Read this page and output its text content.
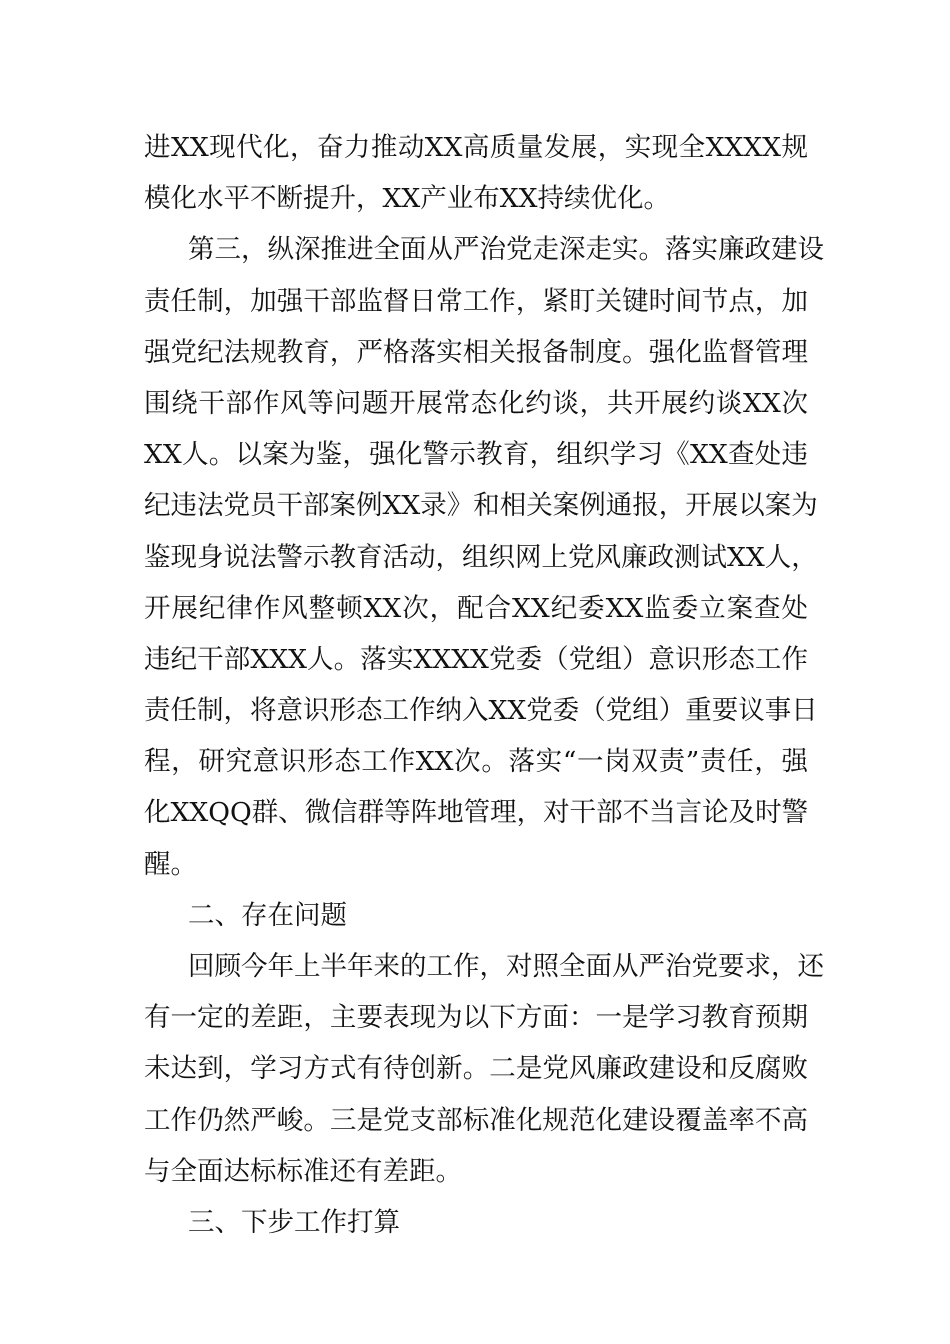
进XX现代化，奋力推动XX高质量发展，实现全XXXX规
模化水平不断提升，XX产业布XX持续优化。
第三，纵深推进全面从严治党走深走实。落实廉政建设
责任制，加强干部监督日常工作，紧盯关键时间节点，加
强党纪法规教育，严格落实相关报备制度。强化监督管理
围绕干部作风等问题开展常态化约谈，共开展约谈XX次
XX人。以案为鉴，强化警示教育，组织学习《XX查处违
纪违法党员干部案例XX录》和相关案例通报，开展以案为
鉴现身说法警示教育活动，组织网上党风廉政测试XX人，
开展纪律作风整顿XX次，配合XX纪委XX监委立案查处
违纪干部XXX人。落实XXXX党委（党组）意识形态工作
责任制，将意识形态工作纳入XX党委（党组）重要议事日
程，研究意识形态工作XX次。落实“一岗双责”责任，强
化XXQQ群、微信群等阵地管理，对干部不当言论及时警
醒。
二、存在问题
回顾今年上半年来的工作，对照全面从严治党要求，还
有一定的差距，主要表现为以下方面：一是学习教育预期
未达到，学习方式有待创新。二是党风廉政建设和反腐败
工作仍然严峻。三是党支部标准化规范化建设覆盖率不高
与全面达标标准还有差距。
三、下步工作打算
